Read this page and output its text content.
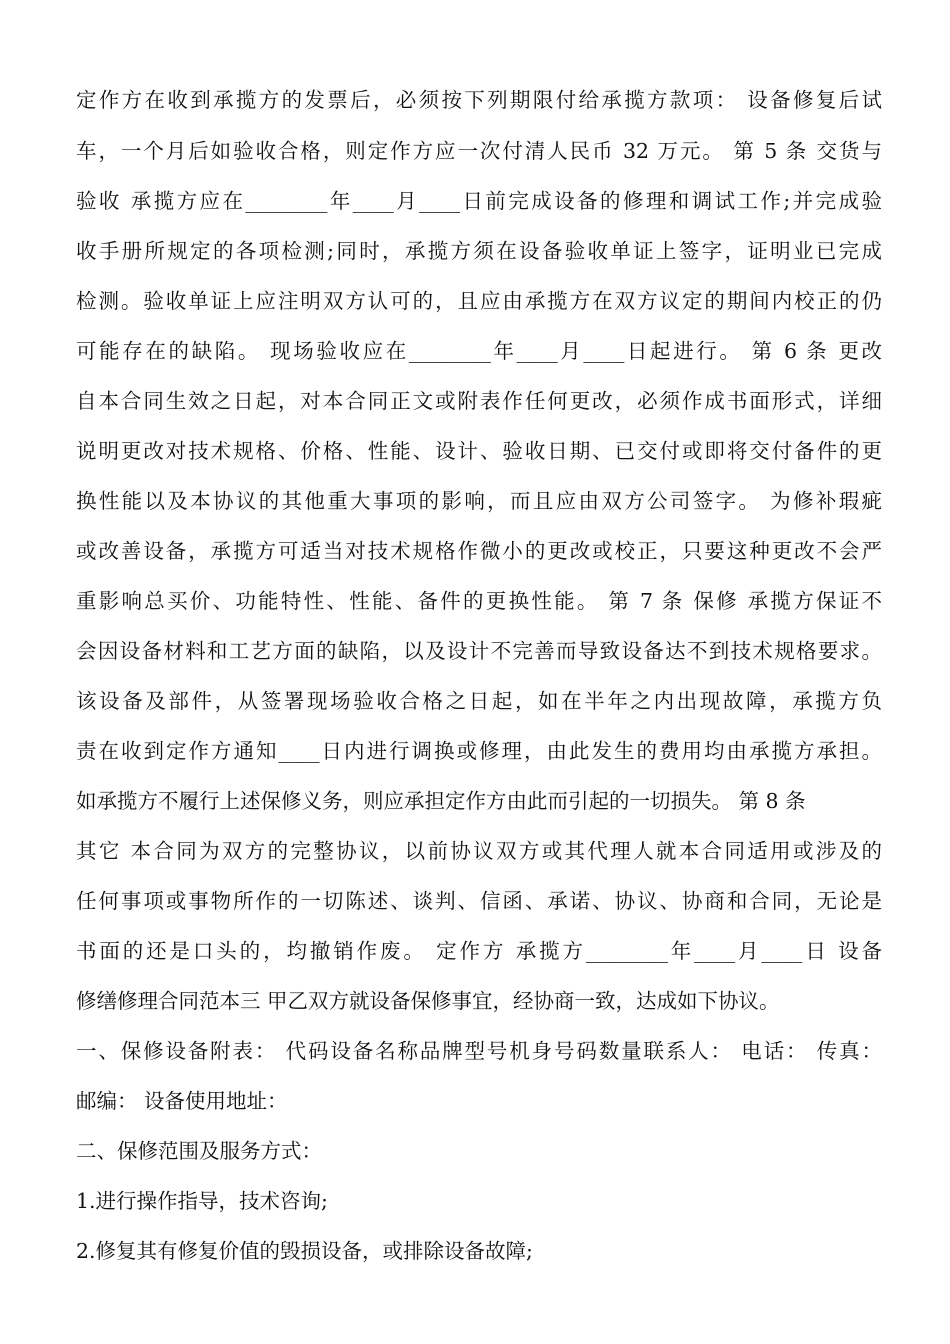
定作方在收到承揽方的发票后，必须按下列期限付给承揽方款项： 设备修复后试
车，一个月后如验收合格，则定作方应一次付清人民币 32 万元。 第 5 条 交货与
验收 承揽方应在________年____月____日前完成设备的修理和调试工作;并完成验
收手册所规定的各项检测;同时，承揽方须在设备验收单证上签字，证明业已完成
检测。验收单证上应注明双方认可的，且应由承揽方在双方议定的期间内校正的仍
可能存在的缺陷。 现场验收应在________年____月____日起进行。 第 6 条 更改
自本合同生效之日起，对本合同正文或附表作任何更改，必须作成书面形式，详细
说明更改对技术规格、价格、性能、设计、验收日期、已交付或即将交付备件的更
换性能以及本协议的其他重大事项的影响，而且应由双方公司签字。 为修补瑕疵
或改善设备，承揽方可适当对技术规格作微小的更改或校正，只要这种更改不会严
重影响总买价、功能特性、性能、备件的更换性能。 第 7 条 保修 承揽方保证不
会因设备材料和工艺方面的缺陷，以及设计不完善而导致设备达不到技术规格要求。
该设备及部件，从签署现场验收合格之日起，如在半年之内出现故障，承揽方负
责在收到定作方通知____日内进行调换或修理，由此发生的费用均由承揽方承担。
如承揽方不履行上述保修义务，则应承担定作方由此而引起的一切损失。 第 8 条
其它 本合同为双方的完整协议，以前协议双方或其代理人就本合同适用或涉及的
任何事项或事物所作的一切陈述、谈判、信函、承诺、协议、协商和合同，无论是
书面的还是口头的，均撤销作废。 定作方 承揽方________年____月____日 设备
修缮修理合同范本三 甲乙双方就设备保修事宜，经协商一致，达成如下协议。
一、保修设备附表： 代码设备名称品牌型号机身号码数量联系人： 电话： 传真：
邮编： 设备使用地址：
二、保修范围及服务方式：
1.进行操作指导，技术咨询;
2.修复其有修复价值的毁损设备，或排除设备故障;
